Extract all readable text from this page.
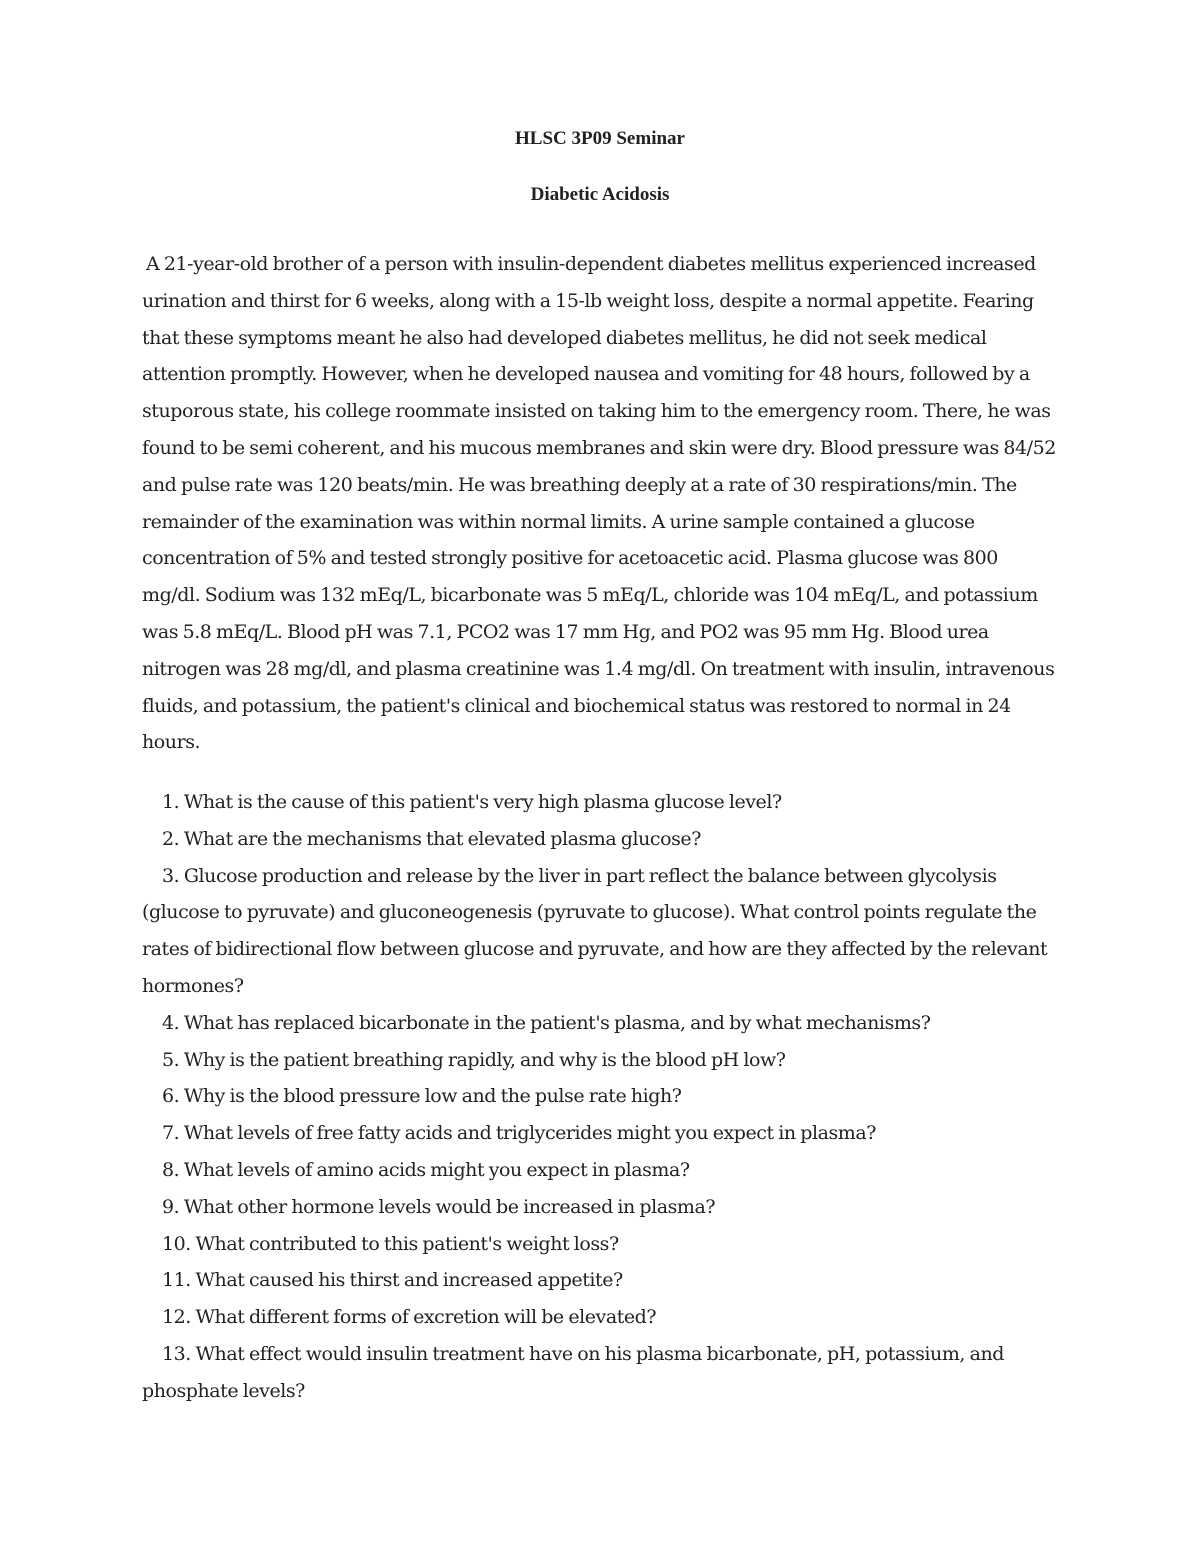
HLSC 3P09 Seminar
Diabetic Acidosis

A 21-year-old brother of a person with insulin-dependent diabetes mellitus experienced increased urination and thirst for 6 weeks, along with a 15-lb weight loss, despite a normal appetite. Fearing that these symptoms meant he also had developed diabetes mellitus, he did not seek medical attention promptly. However, when he developed nausea and vomiting for 48 hours, followed by a stuporous state, his college roommate insisted on taking him to the emergency room. There, he was found to be semi coherent, and his mucous membranes and skin were dry. Blood pressure was 84/52 and pulse rate was 120 beats/min. He was breathing deeply at a rate of 30 respirations/min. The remainder of the examination was within normal limits. A urine sample contained a glucose concentration of 5% and tested strongly positive for acetoacetic acid. Plasma glucose was 800 mg/dl. Sodium was 132 mEq/L, bicarbonate was 5 mEq/L, chloride was 104 mEq/L, and potassium was 5.8 mEq/L. Blood pH was 7.1, PCO2 was 17 mm Hg, and PO2 was 95 mm Hg. Blood urea nitrogen was 28 mg/dl, and plasma creatinine was 1.4 mg/dl. On treatment with insulin, intravenous fluids, and potassium, the patient's clinical and biochemical status was restored to normal in 24 hours.

1. What is the cause of this patient's very high plasma glucose level?
2. What are the mechanisms that elevated plasma glucose?
3. Glucose production and release by the liver in part reflect the balance between glycolysis (glucose to pyruvate) and gluconeogenesis (pyruvate to glucose). What control points regulate the rates of bidirectional flow between glucose and pyruvate, and how are they affected by the relevant hormones?
4. What has replaced bicarbonate in the patient's plasma, and by what mechanisms?
5. Why is the patient breathing rapidly, and why is the blood pH low?
6. Why is the blood pressure low and the pulse rate high?
7. What levels of free fatty acids and triglycerides might you expect in plasma?
8. What levels of amino acids might you expect in plasma?
9. What other hormone levels would be increased in plasma?
10. What contributed to this patient's weight loss?
11. What caused his thirst and increased appetite?
12. What different forms of excretion will be elevated?
13. What effect would insulin treatment have on his plasma bicarbonate, pH, potassium, and phosphate levels?
